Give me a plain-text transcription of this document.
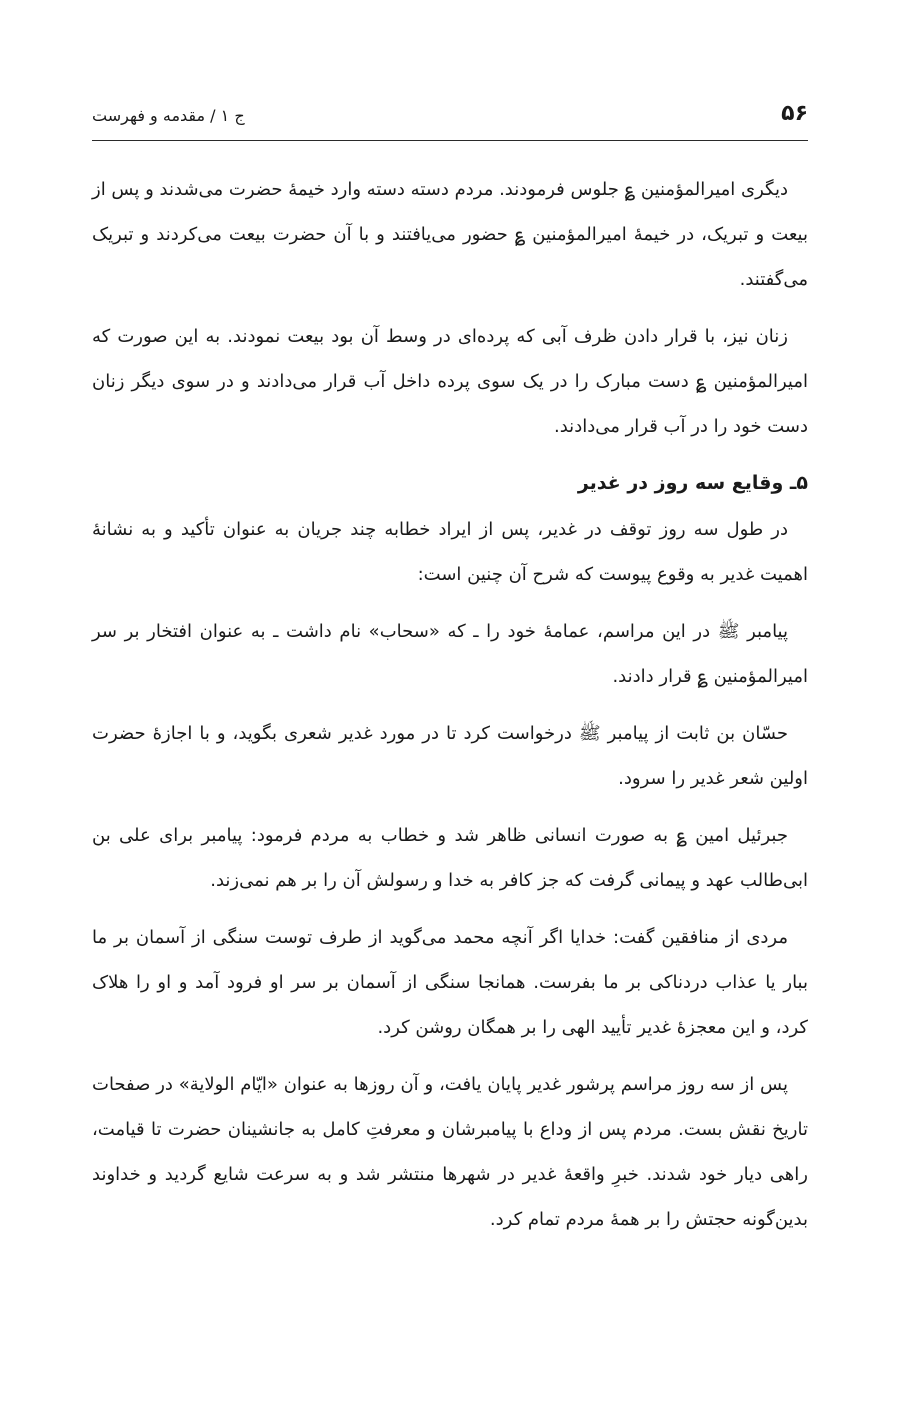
۵۶
ج ۱ / مقدمه و فهرست

دیگری امیرالمؤمنین ؏ جلوس فرمودند. مردم دسته دسته وارد خیمهٔ حضرت می‌شدند و پس از بیعت و تبریک، در خیمهٔ امیرالمؤمنین ؏ حضور می‌یافتند و با آن حضرت بیعت می‌کردند و تبریک می‌گفتند.

زنان نیز، با قرار دادن ظرف آبی که پرده‌ای در وسط آن بود بیعت نمودند. به این صورت که امیرالمؤمنین ؏ دست مبارک را در یک سوی پرده داخل آب قرار می‌دادند و در سوی دیگر زنان دست خود را در آب قرار می‌دادند.

۵ـ وقایع سه روز در غدیر

در طول سه روز توقف در غدیر، پس از ایراد خطابه چند جریان به عنوان تأکید و به نشانهٔ اهمیت غدیر به وقوع پیوست که شرح آن چنین است:

پیامبر ﷺ در این مراسم، عمامهٔ خود را ـ که «سحاب» نام داشت ـ به عنوان افتخار بر سر امیرالمؤمنین ؏ قرار دادند.

حسّان بن ثابت از پیامبر ﷺ درخواست کرد تا در مورد غدیر شعری بگوید، و با اجازهٔ حضرت اولین شعر غدیر را سرود.

جبرئیل امین ؏ به صورت انسانی ظاهر شد و خطاب به مردم فرمود: پیامبر برای علی بن ابی‌طالب عهد و پیمانی گرفت که جز کافر به خدا و رسولش آن را بر هم نمی‌زند.

مردی از منافقین گفت: خدایا اگر آنچه محمد می‌گوید از طرف توست سنگی از آسمان بر ما ببار یا عذاب دردناکی بر ما بفرست. همانجا سنگی از آسمان بر سر او فرود آمد و او را هلاک کرد، و این معجزهٔ غدیر تأیید الهی را بر همگان روشن کرد.

پس از سه روز مراسم پرشور غدیر پایان یافت، و آن روزها به عنوان «ایّام الولایة» در صفحات تاریخ نقش بست. مردم پس از وداع با پیامبرشان و معرفتِ کامل به جانشینان حضرت تا قیامت، راهی دیار خود شدند. خبرِ واقعهٔ غدیر در شهرها منتشر شد و به سرعت شایع گردید و خداوند بدین‌گونه حجتش را بر همهٔ مردم تمام کرد.
